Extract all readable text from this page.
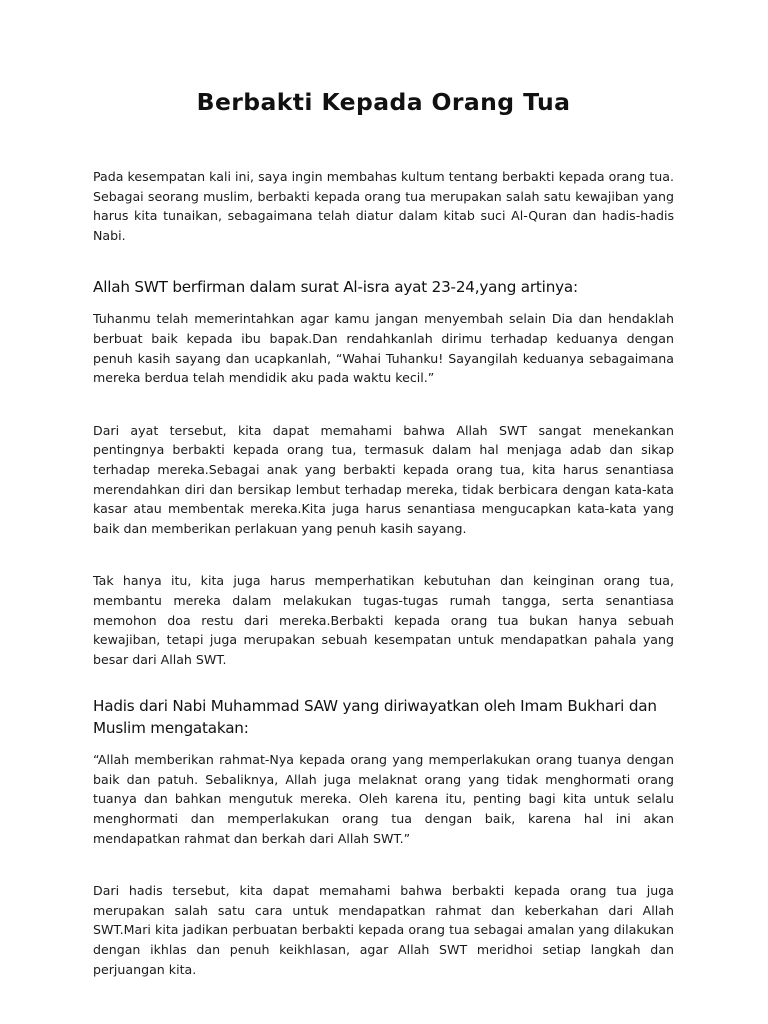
Berbakti Kepada Orang Tua

Pada kesempatan kali ini, saya ingin membahas kultum tentang berbakti kepada orang tua. Sebagai seorang muslim, berbakti kepada orang tua merupakan salah satu kewajiban yang harus kita tunaikan, sebagaimana telah diatur dalam kitab suci Al-Quran dan hadis-hadis Nabi.

Allah SWT berfirman dalam surat Al-isra ayat 23-24,yang artinya:

Tuhanmu telah memerintahkan agar kamu jangan menyembah selain Dia dan hendaklah berbuat baik kepada ibu bapak.Dan rendahkanlah dirimu terhadap keduanya dengan penuh kasih sayang dan ucapkanlah, “Wahai Tuhanku! Sayangilah keduanya sebagaimana mereka berdua telah mendidik aku pada waktu kecil.”

Dari ayat tersebut, kita dapat memahami bahwa Allah SWT sangat menekankan pentingnya berbakti kepada orang tua, termasuk dalam hal menjaga adab dan sikap terhadap mereka.Sebagai anak yang berbakti kepada orang tua, kita harus senantiasa merendahkan diri dan bersikap lembut terhadap mereka, tidak berbicara dengan kata-kata kasar atau membentak mereka.Kita juga harus senantiasa mengucapkan kata-kata yang baik dan memberikan perlakuan yang penuh kasih sayang.

Tak hanya itu, kita juga harus memperhatikan kebutuhan dan keinginan orang tua, membantu mereka dalam melakukan tugas-tugas rumah tangga, serta senantiasa memohon doa restu dari mereka.Berbakti kepada orang tua bukan hanya sebuah kewajiban, tetapi juga merupakan sebuah kesempatan untuk mendapatkan pahala yang besar dari Allah SWT.

Hadis dari Nabi Muhammad SAW yang diriwayatkan oleh Imam Bukhari dan Muslim mengatakan:

“Allah memberikan rahmat-Nya kepada orang yang memperlakukan orang tuanya dengan baik dan patuh. Sebaliknya, Allah juga melaknat orang yang tidak menghormati orang tuanya dan bahkan mengutuk mereka. Oleh karena itu, penting bagi kita untuk selalu menghormati dan memperlakukan orang tua dengan baik, karena hal ini akan mendapatkan rahmat dan berkah dari Allah SWT.”

Dari hadis tersebut, kita dapat memahami bahwa berbakti kepada orang tua juga merupakan salah satu cara untuk mendapatkan rahmat dan keberkahan dari Allah SWT.Mari kita jadikan perbuatan berbakti kepada orang tua sebagai amalan yang dilakukan dengan ikhlas dan penuh keikhlasan, agar Allah SWT meridhoi setiap langkah dan perjuangan kita.
